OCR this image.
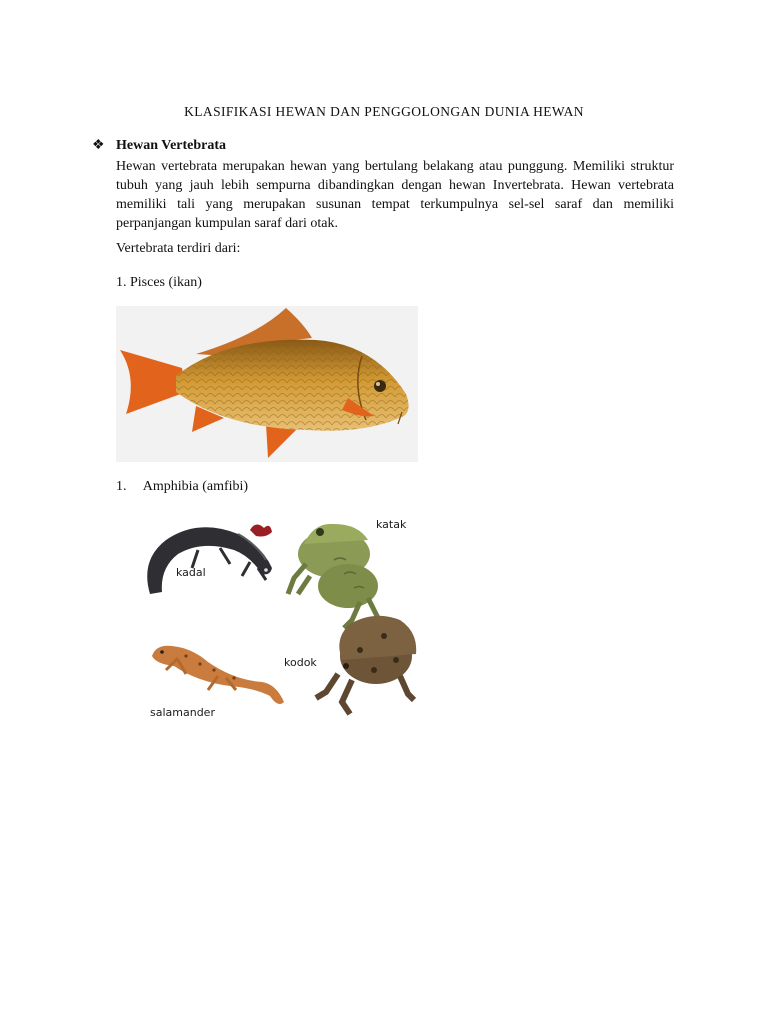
KLASIFIKASI HEWAN DAN PENGGOLONGAN DUNIA HEWAN
❖ Hewan Vertebrata
Hewan vertebrata merupakan hewan yang bertulang belakang atau punggung. Memiliki struktur tubuh yang jauh lebih sempurna dibandingkan dengan hewan Invertebrata. Hewan vertebrata memiliki tali yang merupakan susunan tempat terkumpulnya sel-sel saraf dan memiliki perpanjangan kumpulan saraf dari otak.
Vertebrata terdiri dari:
1. Pisces (ikan)
1. Amphibia (amfibi)
kadal
katak
salamander
kodok
